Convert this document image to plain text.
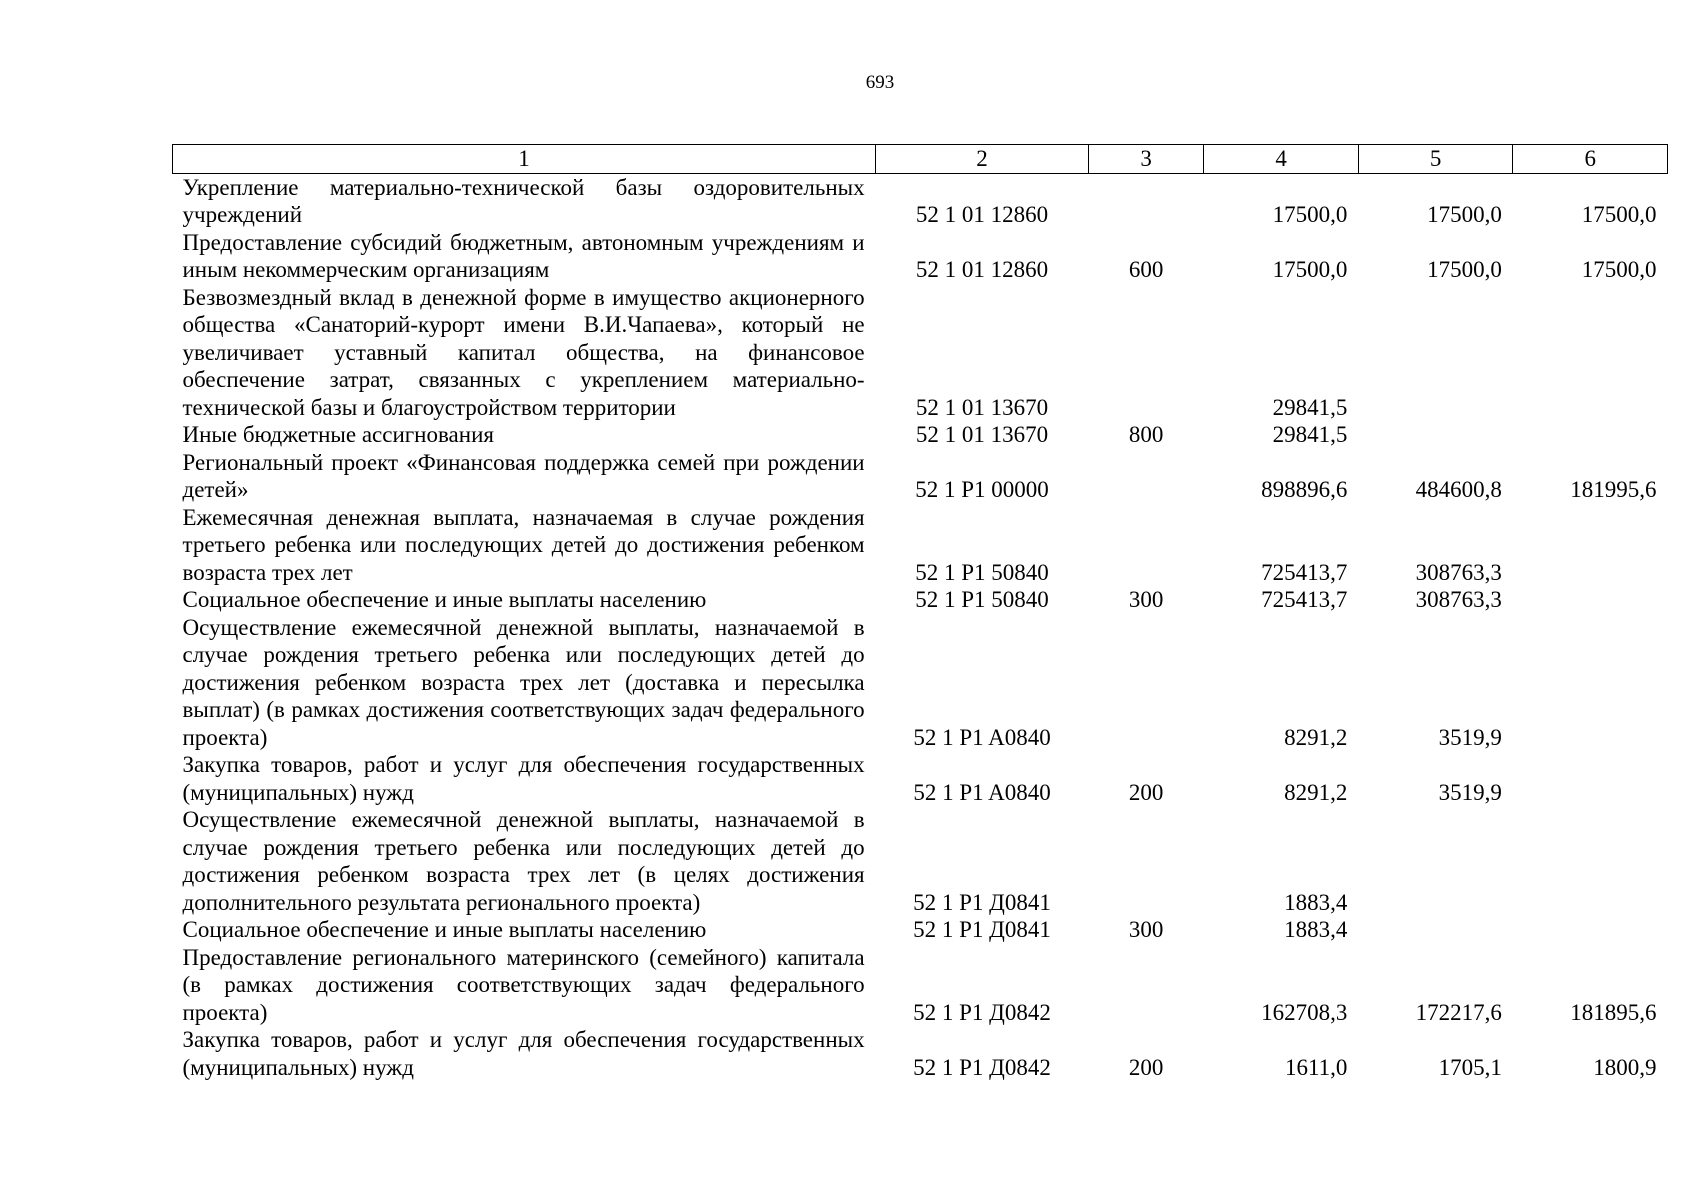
693
1	2	3	4	5	6
Укрепление материально-технической базы оздоровительных учреждений	52 1 01 12860		17500,0	17500,0	17500,0
Предоставление субсидий бюджетным, автономным учреждениям и иным некоммерческим организациям	52 1 01 12860	600	17500,0	17500,0	17500,0
Безвозмездный вклад в денежной форме в имущество акционерного общества «Санаторий-курорт имени В.И.Чапаева», который не увеличивает уставный капитал общества, на финансовое обеспечение затрат, связанных с укреплением материально-технической базы и благоустройством территории	52 1 01 13670		29841,5		
Иные бюджетные ассигнования	52 1 01 13670	800	29841,5		
Региональный проект «Финансовая поддержка семей при рождении детей»	52 1 P1 00000		898896,6	484600,8	181995,6
Ежемесячная денежная выплата, назначаемая в случае рождения третьего ребенка или последующих детей до достижения ребенком возраста трех лет	52 1 P1 50840		725413,7	308763,3	
Социальное обеспечение и иные выплаты населению	52 1 P1 50840	300	725413,7	308763,3	
Осуществление ежемесячной денежной выплаты, назначаемой в случае рождения третьего ребенка или последующих детей до достижения ребенком возраста трех лет (доставка и пересылка выплат) (в рамках достижения соответствующих задач федерального проекта)	52 1 P1 A0840		8291,2	3519,9	
Закупка товаров, работ и услуг для обеспечения государственных (муниципальных) нужд	52 1 P1 A0840	200	8291,2	3519,9	
Осуществление ежемесячной денежной выплаты, назначаемой в случае рождения третьего ребенка или последующих детей до достижения ребенком возраста трех лет (в целях достижения дополнительного результата регионального проекта)	52 1 P1 Д0841		1883,4		
Социальное обеспечение и иные выплаты населению	52 1 P1 Д0841	300	1883,4		
Предоставление регионального материнского (семейного) капитала (в рамках достижения соответствующих задач федерального проекта)	52 1 P1 Д0842		162708,3	172217,6	181895,6
Закупка товаров, работ и услуг для обеспечения государственных (муниципальных) нужд	52 1 P1 Д0842	200	1611,0	1705,1	1800,9
